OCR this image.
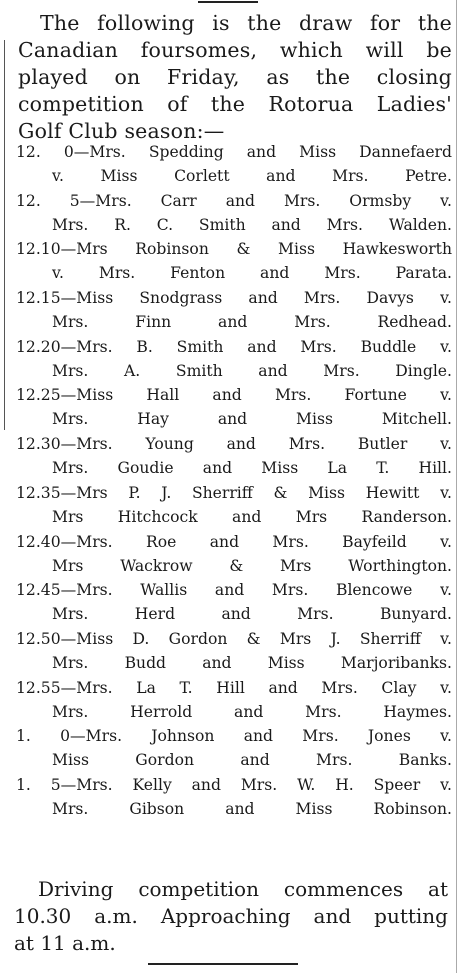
The following is the draw for the
Canadian foursomes, which will be
played on Friday, as the closing
competition of the Rotorua Ladies'
Golf Club season:—
12. 0—Mrs. Spedding and Miss Dannefaerd
v. Miss Corlett and Mrs. Petre.
12. 5—Mrs. Carr and Mrs. Ormsby v.
Mrs. R. C. Smith and Mrs. Walden.
12.10—Mrs Robinson & Miss Hawkesworth
v. Mrs. Fenton and Mrs. Parata.
12.15—Miss Snodgrass and Mrs. Davys v.
Mrs. Finn and Mrs. Redhead.
12.20—Mrs. B. Smith and Mrs. Buddle v.
Mrs. A. Smith and Mrs. Dingle.
12.25—Miss Hall and Mrs. Fortune v.
Mrs. Hay and Miss Mitchell.
12.30—Mrs. Young and Mrs. Butler v.
Mrs. Goudie and Miss La T. Hill.
12.35—Mrs P. J. Sherriff & Miss Hewitt v.
Mrs Hitchcock and Mrs Randerson.
12.40—Mrs. Roe and Mrs. Bayfeild v.
Mrs Wackrow & Mrs Worthington.
12.45—Mrs. Wallis and Mrs. Blencowe v.
Mrs. Herd and Mrs. Bunyard.
12.50—Miss D. Gordon & Mrs J. Sherriff v.
Mrs. Budd and Miss Marjoribanks.
12.55—Mrs. La T. Hill and Mrs. Clay v.
Mrs. Herrold and Mrs. Haymes.
1. 0—Mrs. Johnson and Mrs. Jones v.
Miss Gordon and Mrs. Banks.
1. 5—Mrs. Kelly and Mrs. W. H. Speer v.
Mrs. Gibson and Miss Robinson.
Driving competition commences at
10.30 a.m. Approaching and putting
at 11 a.m.
